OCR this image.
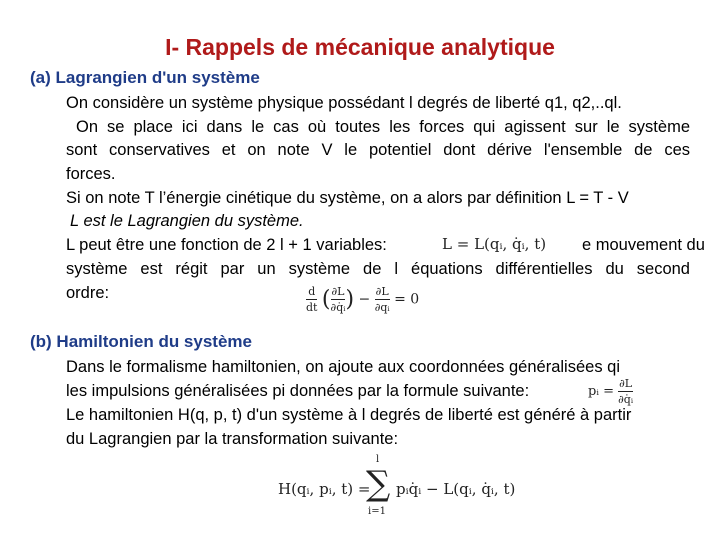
I- Rappels de mécanique analytique
(a) Lagrangien d'un système
On considère un système physique possédant l degrés de liberté q1, q2,..ql.
On se place ici dans le cas où toutes les forces qui agissent sur le système
sont conservatives et on note V le potentiel dont dérive l'ensemble de ces
forces.
Si on note T l’énergie cinétique du système, on a alors par définition L = T - V
L est le Lagrangien du système.
L peut être une fonction de 2 l + 1 variables:	e mouvement du
L = L(qᵢ, q̇ᵢ, t)
système est régit par un système de l équations différentielles du second
ordre:	$\frac{d}{dt}$ ( $\frac{\partial L}{\text{∂q̇ᵢ}}$ ) − $\frac{\partial L}{\text{∂qᵢ}} = 0$
(b) Hamiltonien du système
Dans le formalisme hamiltonien, on ajoute aux coordonnées généralisées qi
les impulsions généralisées pi données par la formule suivante:	pᵢ = $\frac{\partial L}{\text{∂q̇ᵢ}}$
Le hamiltonien H(q, p, t) d'un système à l degrés de liberté est généré à partir
du Lagrangien par la transformation suivante:
H(qᵢ, pᵢ, t) =
l
∑
i=1
pᵢq̇ᵢ − L(qᵢ, q̇ᵢ, t)
